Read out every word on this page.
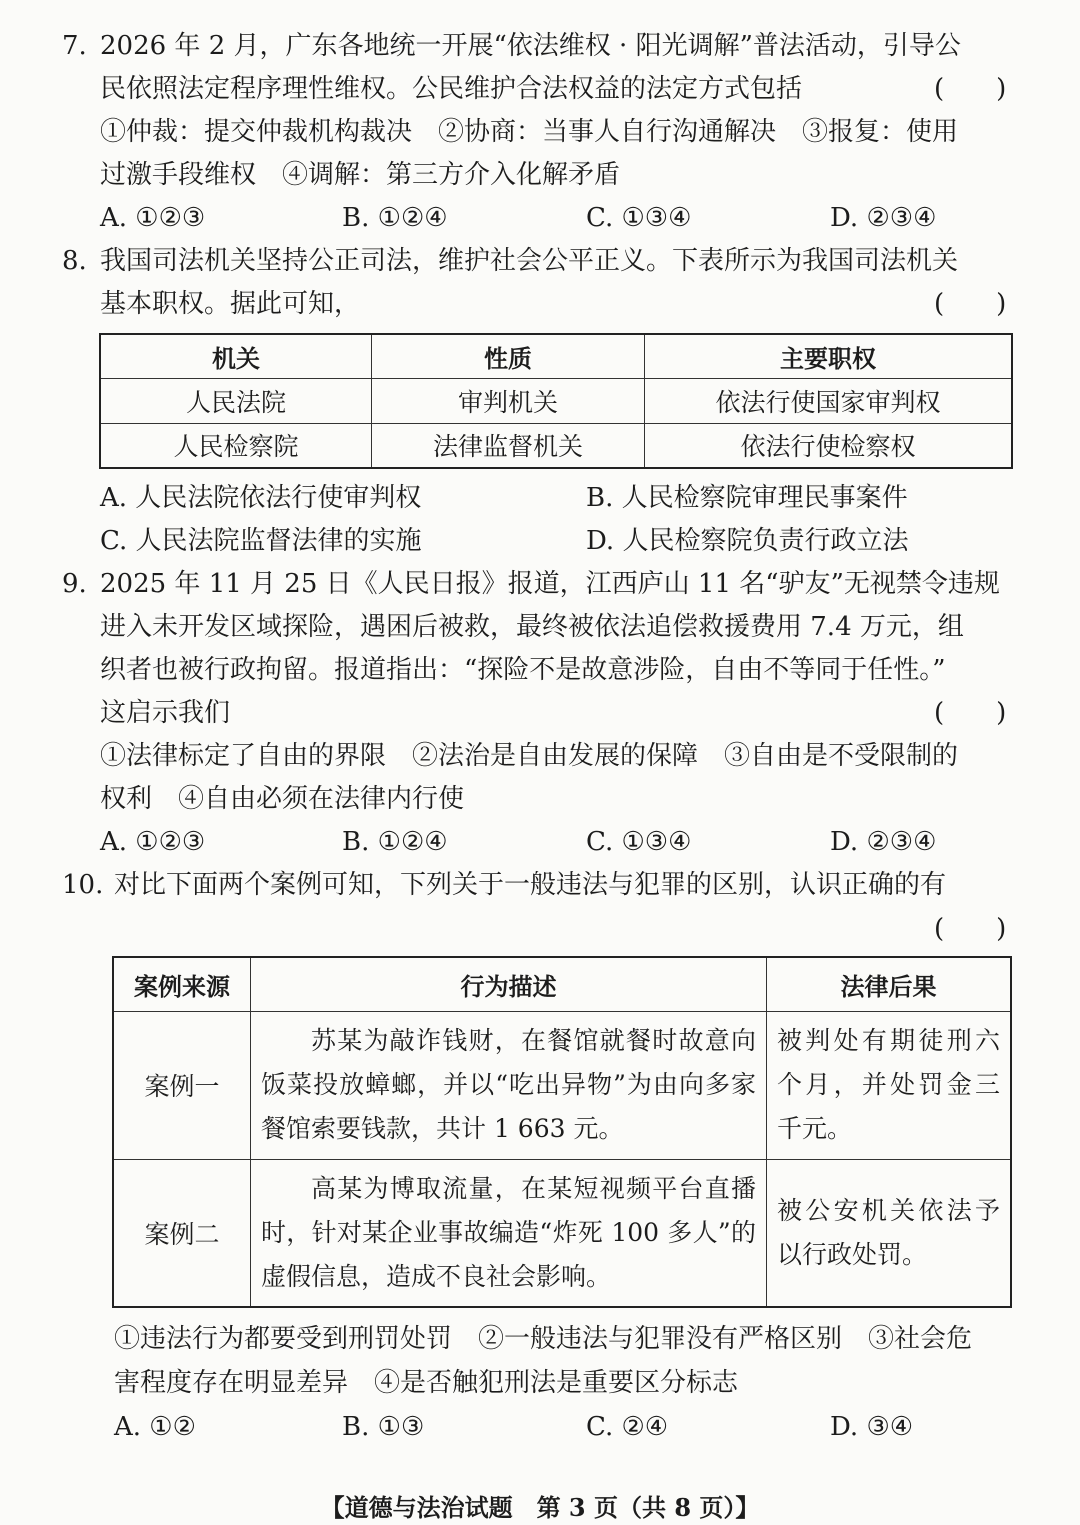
7. 2026 年 2 月，广东各地统一开展“依法维权 · 阳光调解”普法活动，引导公
民依照法定程序理性维权。公民维护合法权益的法定方式包括	(　　)
①仲裁：提交仲裁机构裁决　②协商：当事人自行沟通解决　③报复：使用
过激手段维权　④调解：第三方介入化解矛盾
A. ①②③	B. ①②④	C. ①③④	D. ②③④
8. 我国司法机关坚持公正司法，维护社会公平正义。下表所示为我国司法机关
基本职权。据此可知，	(　　)
机关	性质	主要职权
人民法院	审判机关	依法行使国家审判权
人民检察院	法律监督机关	依法行使检察权
A. 人民法院依法行使审判权	B. 人民检察院审理民事案件
C. 人民法院监督法律的实施	D. 人民检察院负责行政立法
9. 2025 年 11 月 25 日《人民日报》报道，江西庐山 11 名“驴友”无视禁令违规
进入未开发区域探险，遇困后被救，最终被依法追偿救援费用 7.4 万元，组
织者也被行政拘留。报道指出：“探险不是故意涉险，自由不等同于任性。”
这启示我们	(　　)
①法律标定了自由的界限　②法治是自由发展的保障　③自由是不受限制的
权利　④自由必须在法律内行使
A. ①②③	B. ①②④	C. ①③④	D. ②③④
10. 对比下面两个案例可知，下列关于一般违法与犯罪的区别，认识正确的有
(　　)
案例来源	行为描述	法律后果
案例一	苏某为敲诈钱财，在餐馆就餐时故意向饭菜投放蟑螂，并以“吃出异物”为由向多家餐馆索要钱款，共计 1 663 元。	被判处有期徒刑六个月，并处罚金三千元。
案例二	高某为博取流量，在某短视频平台直播时，针对某企业事故编造“炸死 100 多人”的虚假信息，造成不良社会影响。	被公安机关依法予以行政处罚。
①违法行为都要受到刑罚处罚　②一般违法与犯罪没有严格区别　③社会危
害程度存在明显差异　④是否触犯刑法是重要区分标志
A. ①②	B. ①③	C. ②④	D. ③④
【道德与法治试题　第 3 页（共 8 页）】
